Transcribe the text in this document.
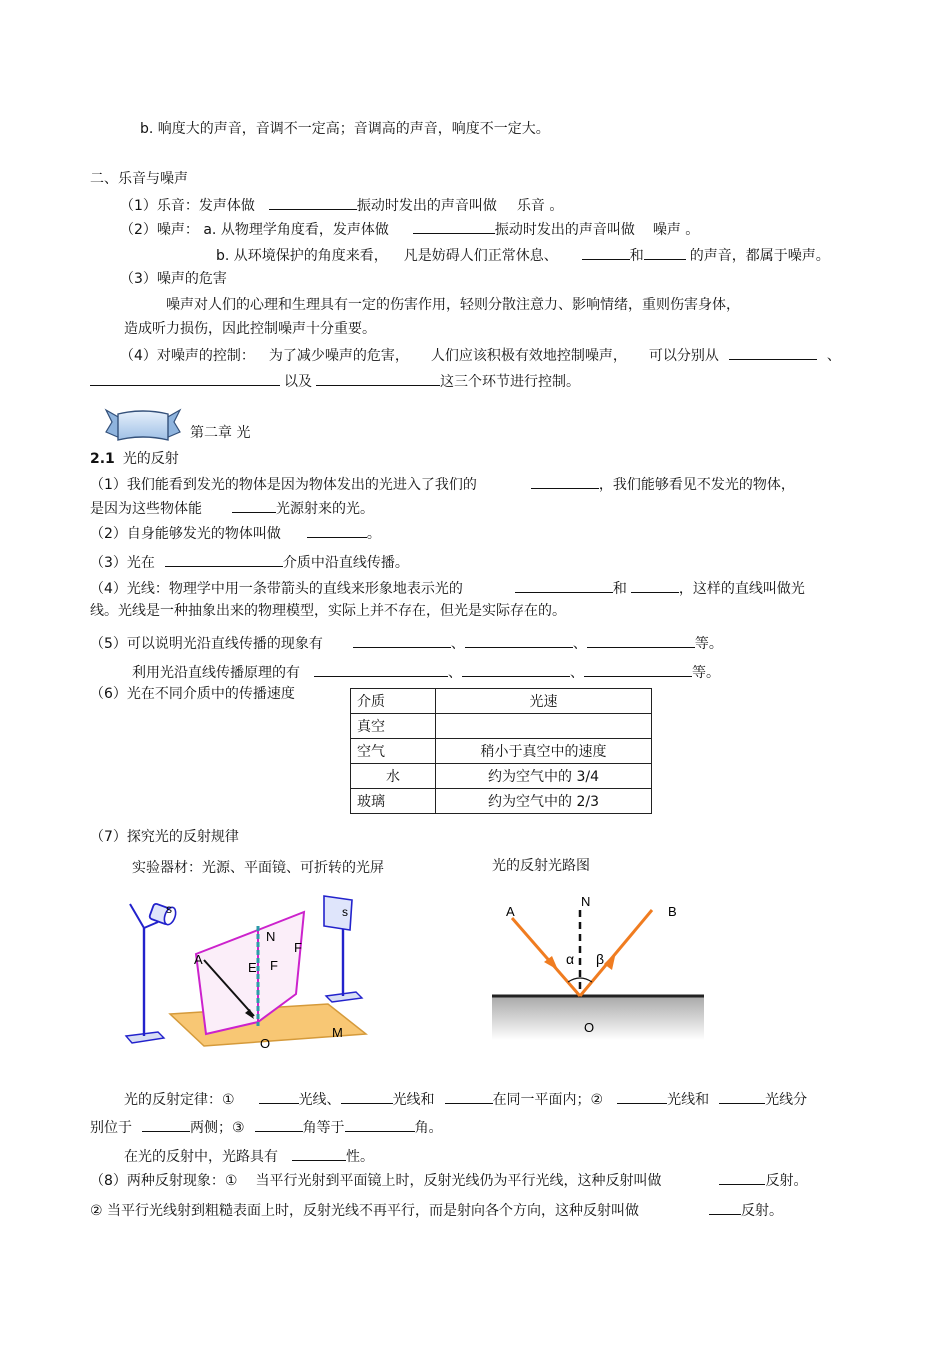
b. 响度大的声音，音调不一定高；音调高的声音，响度不一定大。
二、乐音与噪声
（1）乐音：发声体做	振动时发出的声音叫做 乐音 。
（2）噪声： a. 从物理学角度看，发声体做	振动时发出的声音叫做 噪声 。
b. 从环境保护的角度来看， 凡是妨碍人们正常休息、	和	的声音，都属于噪声。
（3）噪声的危害
噪声对人们的心理和生理具有一定的伤害作用，轻则分散注意力、影响情绪，重则伤害身体，
造成听力损伤，因此控制噪声十分重要。
（4）对噪声的控制： 为了减少噪声的危害， 人们应该积极有效地控制噪声， 可以分别从	、
以及	这三个环节进行控制。
第二章 光
2.1 光的反射
（1）我们能看到发光的物体是因为物体发出的光进入了我们的	，我们能够看见不发光的物体，
是因为这些物体能	光源射来的光。
（2）自身能够发光的物体叫做	。
（3）光在	介质中沿直线传播。
（4）光线：物理学中用一条带箭头的直线来形象地表示光的	和	，这样的直线叫做光
线。光线是一种抽象出来的物理模型，实际上并不存在，但光是实际存在的。
（5）可以说明光沿直线传播的现象有	、	、	等。
利用光沿直线传播原理的有	、	、	等。
（6）光在不同介质中的传播速度	介质	光速
真空	
空气	稍小于真空中的速度
水	约为空气中的 3/4
玻璃	约为空气中的 2/3
（7）探究光的反射规律
实验器材：光源、平面镜、可折转的光屏	光的反射光路图
s	s
N
F
F
A
E
O
M
A	B
N
O
α β
光的反射定律：①	光线、	光线和	在同一平面内；②	光线和	光线分
别位于	两侧；③	角等于	角。
在光的反射中，光路具有	性。
（8）两种反射现象：① 当平行光射到平面镜上时，反射光线仍为平行光线，这种反射叫做	反射。
② 当平行光线射到粗糙表面上时，反射光线不再平行，而是射向各个方向，这种反射叫做	反射。
